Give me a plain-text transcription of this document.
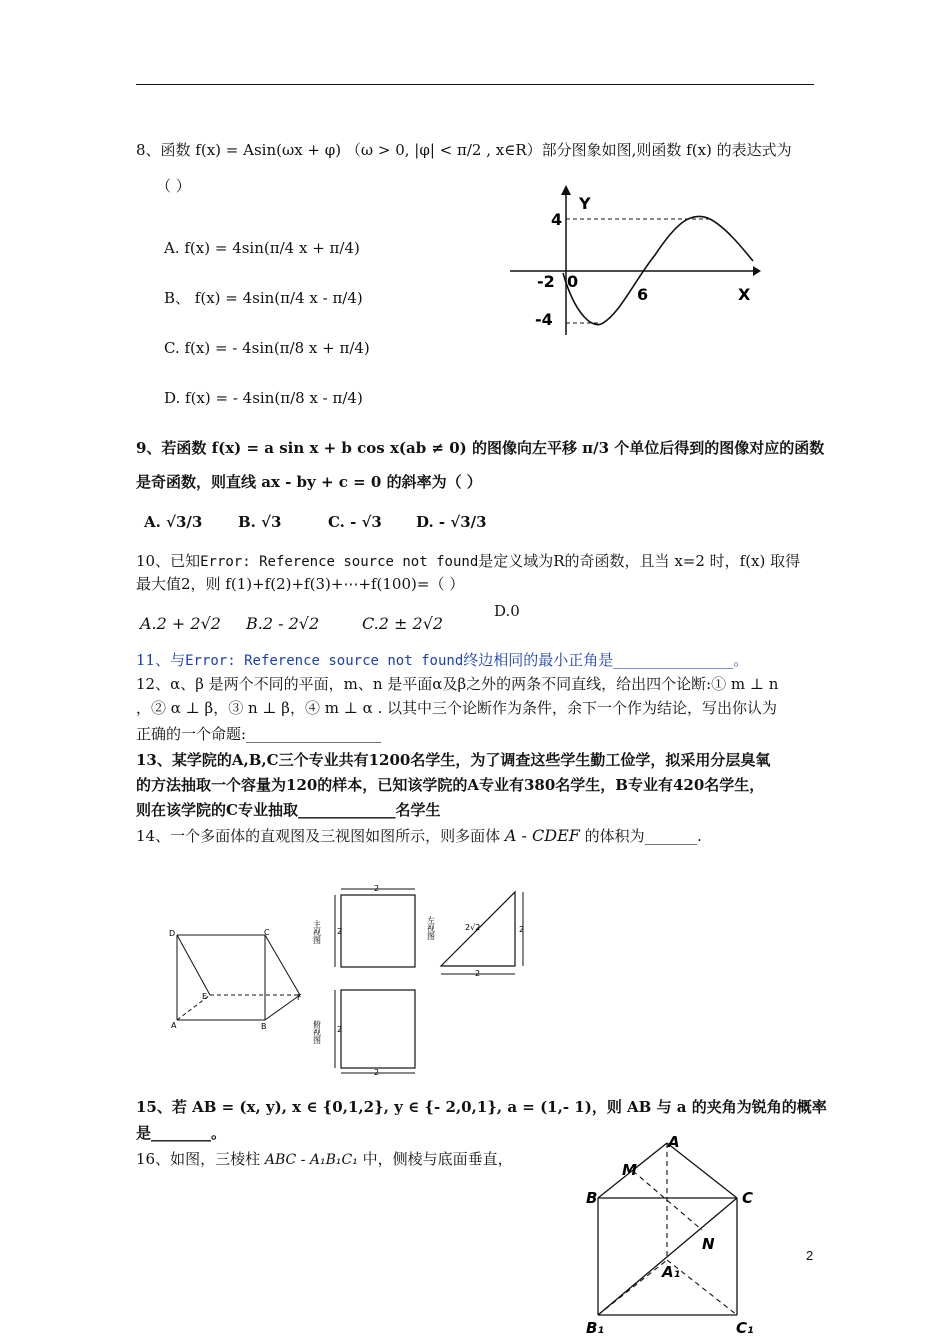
8、函数 f(x) = Asin(ωx + φ) （ω > 0, |φ| < π/2 , x∈R）部分图象如图,则函数 f(x) 的表达式为
（ ）
A. f(x) = 4sin(π/4 x + π/4)
B、 f(x) = 4sin(π/4 x - π/4)
C. f(x) = - 4sin(π/8 x + π/4)
D. f(x) = - 4sin(π/8 x - π/4)
Y
X
4
-4
-2 0
6
9、若函数 f(x) = a sin x + b cos x(ab ≠ 0) 的图像向左平移 π/3 个单位后得到的图像对应的函数
是奇函数，则直线 ax - by + c = 0 的斜率为（ ）
A. √3/3 B. √3	C. - √3 D. - √3/3
10、已知Error: Reference source not found是定义域为R的奇函数，且当 x=2 时，f(x) 取得
最大值2，则 f(1)+f(2)+f(3)+⋯+f(100)=（ ）
A.2 + 2√2 B.2 - 2√2	C.2 ± 2√2
D.0
11、与Error: Reference source not found终边相同的最小正角是________________。
12、α、β 是两个不同的平面，m、n 是平面α及β之外的两条不同直线，给出四个论断:① m ⊥ n
，② α ⊥ β，③ n ⊥ β，④ m ⊥ α . 以其中三个论断作为条件，余下一个作为结论，写出你认为
正确的一个命题:__________________
13、某学院的A,B,C三个专业共有1200名学生，为了调查这些学生勤工俭学，拟采用分层臭氧
的方法抽取一个容量为120的样本，已知该学院的A专业有380名学生，B专业有420名学生，
则在该学院的C专业抽取_____________名学生
14、一个多面体的直观图及三视图如图所示，则多面体 A - CDEF 的体积为_______.
D	C
E	F
A	B
主视图
俯视图
左视图
2
2
2
2
2
2
2√2
15、若 AB = (x, y), x ∈ {0,1,2}, y ∈ {- 2,0,1}, a = (1,- 1)，则 AB 与 a 的夹角为锐角的概率
是________。
16、如图，三棱柱 ABC - A₁B₁C₁ 中，侧棱与底面垂直，
A
M
B	C
N
A₁
B₁	C₁
2
